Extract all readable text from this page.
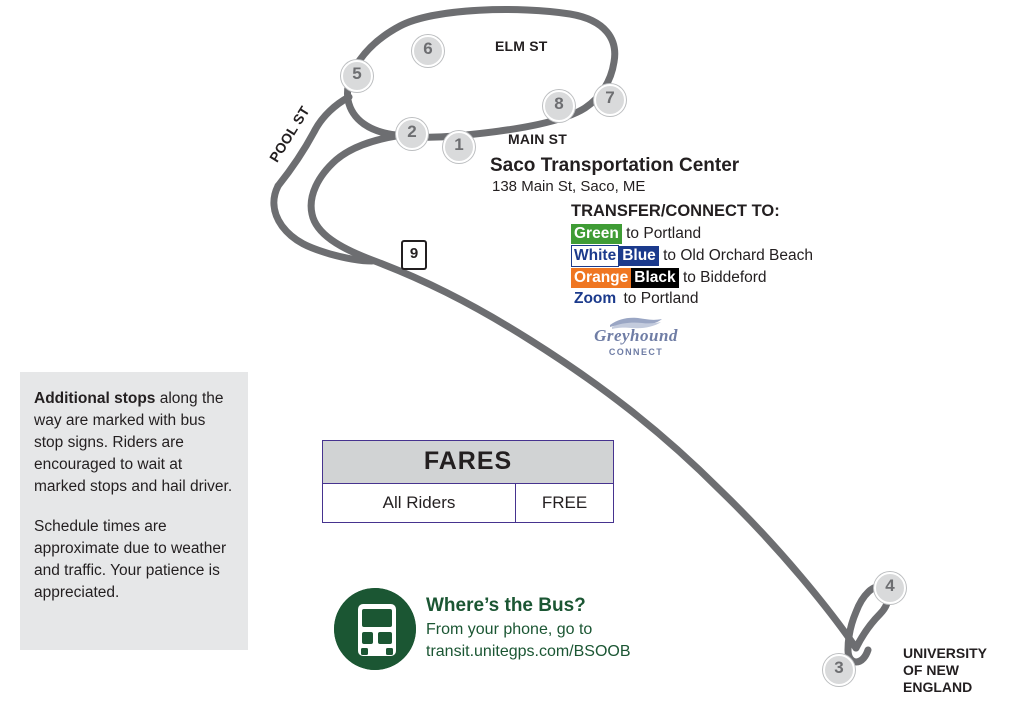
ELM ST
MAIN ST
POOL ST
9
1
2
3
4
5
6
7
8
Saco Transportation Center
138 Main St, Saco, ME
TRANSFER/CONNECT TO:
Green to Portland
White Blue to Old Orchard Beach
Orange Black to Biddeford
Zoom to Portland
Greyhound
CONNECT

Additional stops along the way are marked with bus stop signs. Riders are encouraged to wait at marked stops and hail driver.

Schedule times are approximate due to weather and traffic. Your patience is appreciated.

FARES
All Riders	FREE
Where’s the Bus?
From your phone, go to
transit.unitegps.com/BSOOB	UNIVERSITY
OF NEW
ENGLAND
